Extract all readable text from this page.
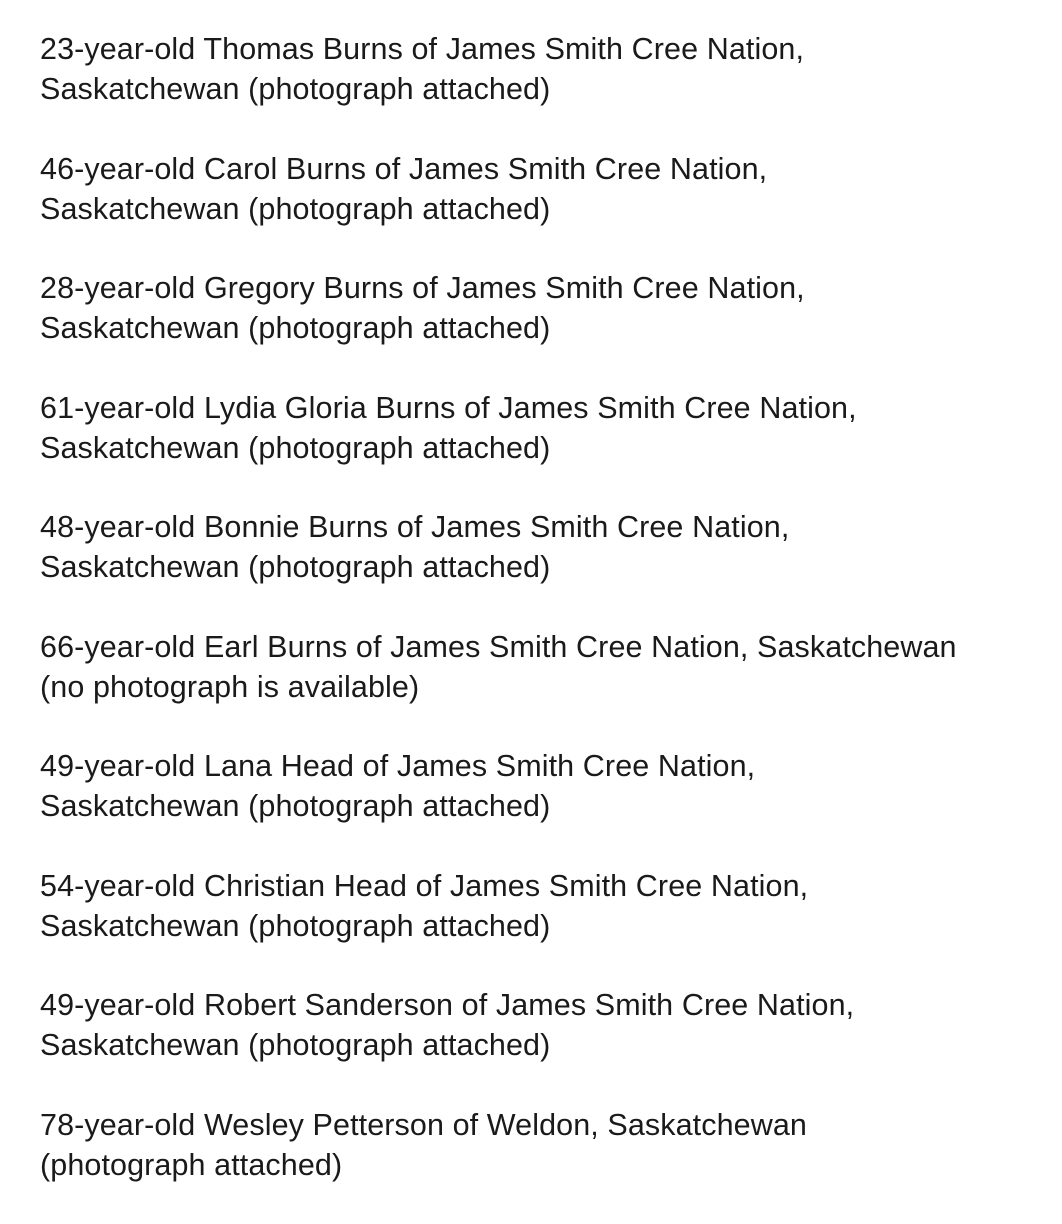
23-year-old Thomas Burns of James Smith Cree Nation,
Saskatchewan (photograph attached)

46-year-old Carol Burns of James Smith Cree Nation,
Saskatchewan (photograph attached)

28-year-old Gregory Burns of James Smith Cree Nation,
Saskatchewan (photograph attached)

61-year-old Lydia Gloria Burns of James Smith Cree Nation,
Saskatchewan (photograph attached)

48-year-old Bonnie Burns of James Smith Cree Nation,
Saskatchewan (photograph attached)

66-year-old Earl Burns of James Smith Cree Nation, Saskatchewan
(no photograph is available)

49-year-old Lana Head of James Smith Cree Nation,
Saskatchewan (photograph attached)

54-year-old Christian Head of James Smith Cree Nation,
Saskatchewan (photograph attached)

49-year-old Robert Sanderson of James Smith Cree Nation,
Saskatchewan (photograph attached)

78-year-old Wesley Petterson of Weldon, Saskatchewan
(photograph attached)
